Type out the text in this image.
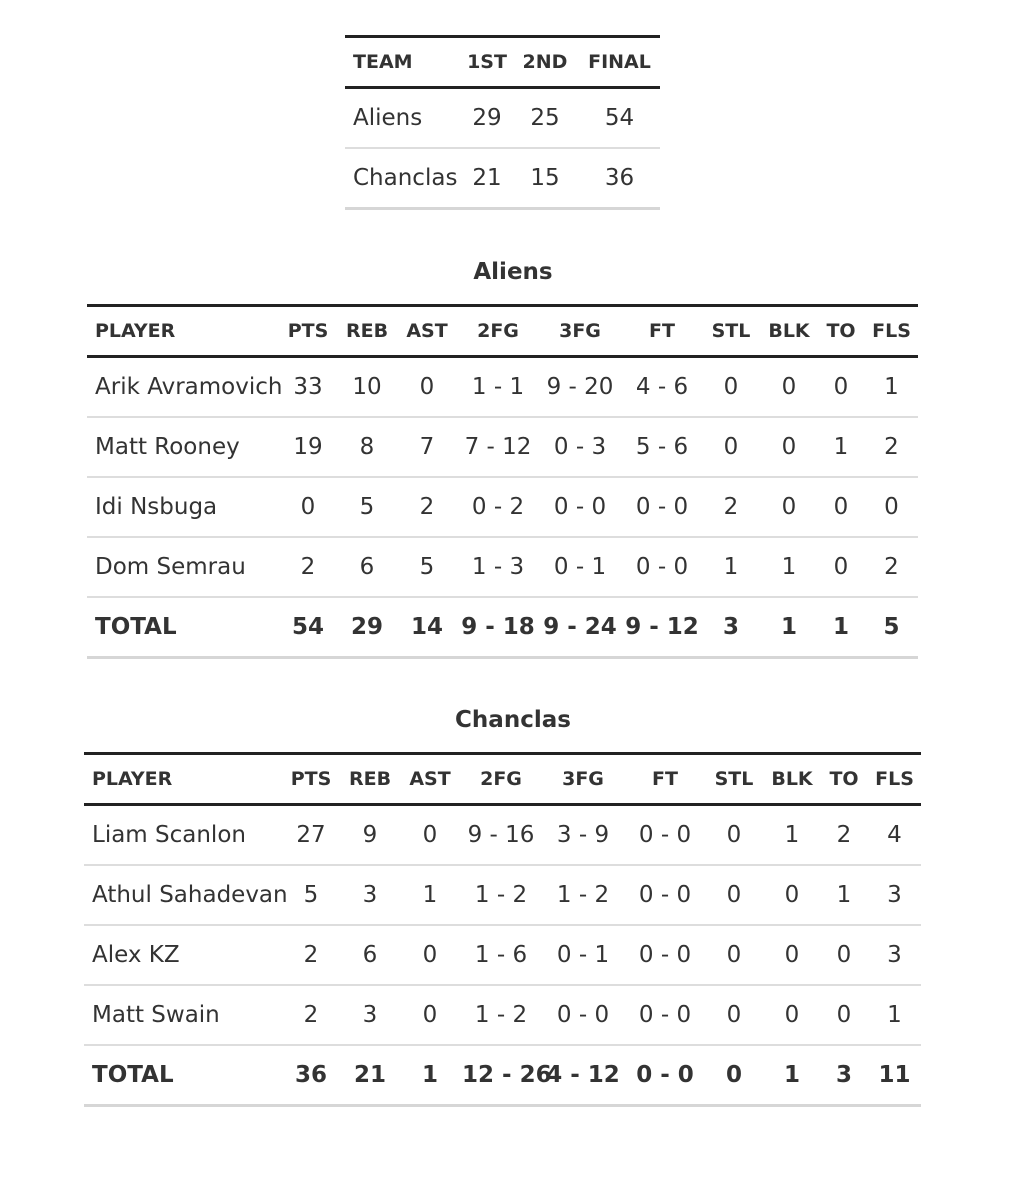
TEAM	1ST	2ND	FINAL
Aliens	29	25	54
Chanclas	21	15	36
Aliens
PLAYER	PTS	REB	AST	2FG	3FG	FT	STL	BLK	TO	FLS
Arik Avramovich	33	10	0	1 - 1	9 - 20	4 - 6	0	0	0	1
Matt Rooney	19	8	7	7 - 12	0 - 3	5 - 6	0	0	1	2
Idi Nsbuga	0	5	2	0 - 2	0 - 0	0 - 0	2	0	0	0
Dom Semrau	2	6	5	1 - 3	0 - 1	0 - 0	1	1	0	2
TOTAL	54	29	14	9 - 18	9 - 24	9 - 12	3	1	1	5
Chanclas
PLAYER	PTS	REB	AST	2FG	3FG	FT	STL	BLK	TO	FLS
Liam Scanlon	27	9	0	9 - 16	3 - 9	0 - 0	0	1	2	4
Athul Sahadevan	5	3	1	1 - 2	1 - 2	0 - 0	0	0	1	3
Alex KZ	2	6	0	1 - 6	0 - 1	0 - 0	0	0	0	3
Matt Swain	2	3	0	1 - 2	0 - 0	0 - 0	0	0	0	1
TOTAL	36	21	1	12 - 26	4 - 12	0 - 0	0	1	3	11
